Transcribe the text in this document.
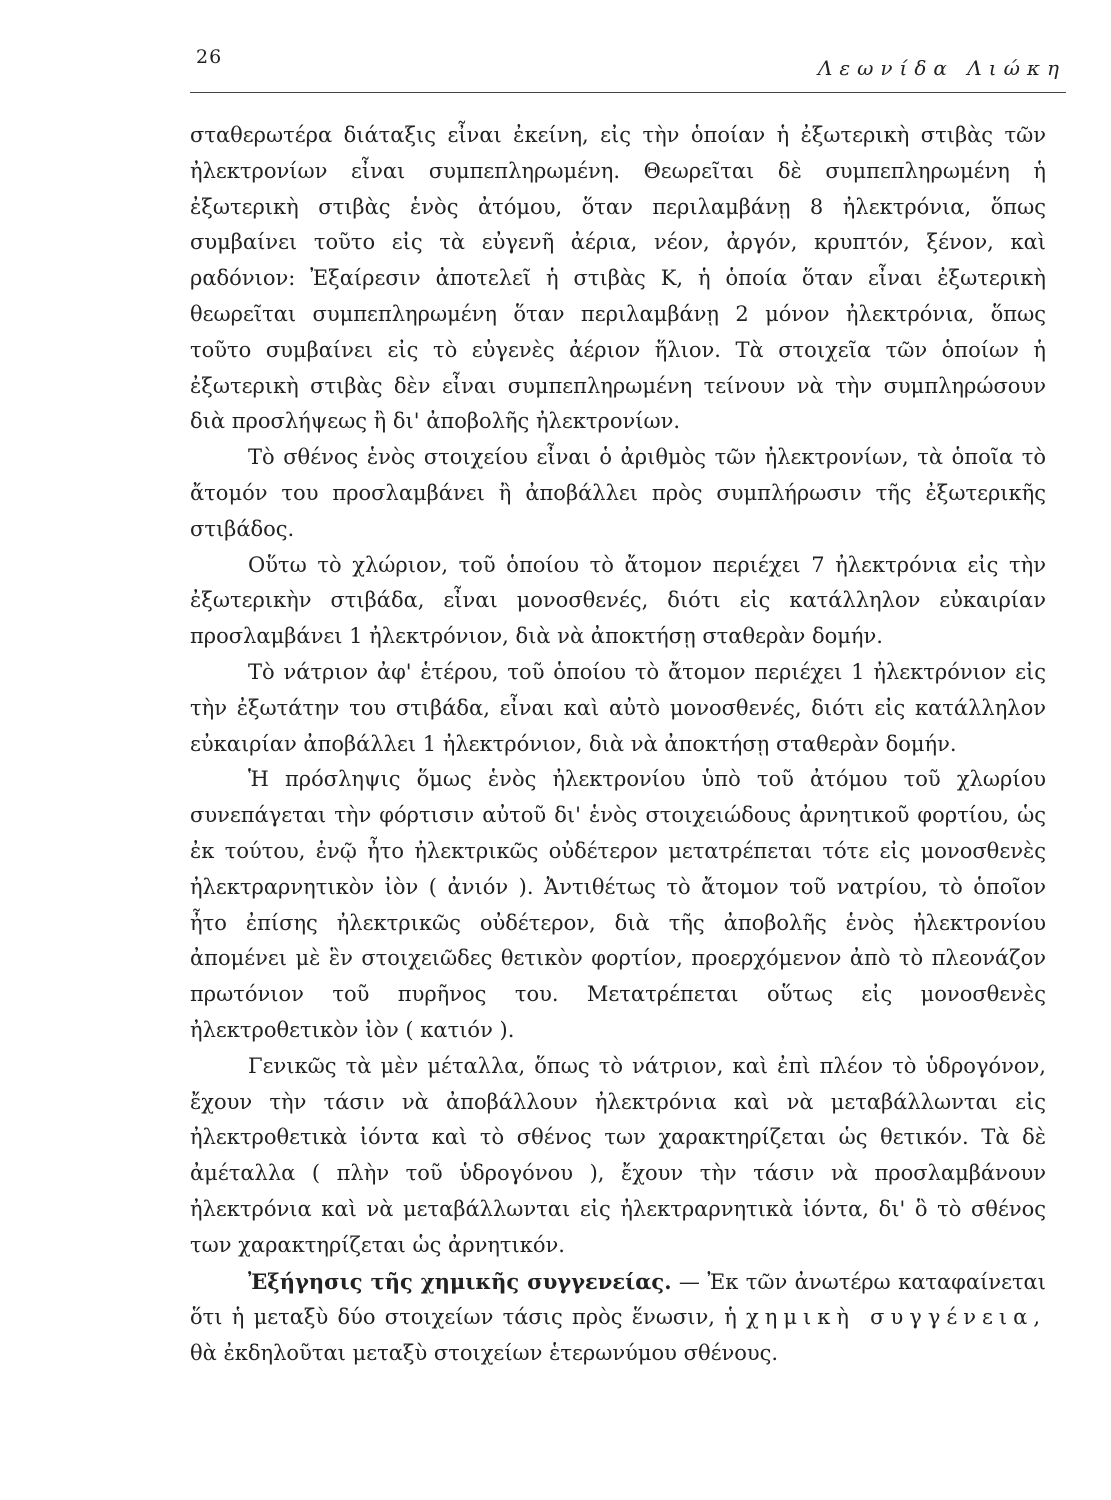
26	Λεωνίδα Λιώκη

σταθερωτέρα διάταξις εἶναι ἐκείνη, εἰς τὴν ὁποίαν ἡ ἐξωτερικὴ στιβὰς τῶν ἠλεκτρονίων εἶναι συμπεπληρωμένη. Θεωρεῖται δὲ συμπεπληρωμένη ἡ ἐξωτερικὴ στιβὰς ἑνὸς ἀτόμου, ὅταν περιλαμβάνῃ 8 ἠλεκτρόνια, ὅπως συμβαίνει τοῦτο εἰς τὰ εὐγενῆ ἀέρια, νέον, ἀργόν, κρυπτόν, ξένον, καὶ ραδόνιον: Ἐξαίρεσιν ἀποτελεῖ ἡ στιβὰς Κ, ἡ ὁποία ὅταν εἶναι ἐξωτερικὴ θεωρεῖται συμπεπληρωμένη ὅταν περιλαμβάνῃ 2 μόνον ἠλεκτρόνια, ὅπως τοῦτο συμβαίνει εἰς τὸ εὐγενὲς ἀέριον ἥλιον. Τὰ στοιχεῖα τῶν ὁποίων ἡ ἐξωτερικὴ στιβὰς δὲν εἶναι συμπεπληρωμένη τείνουν νὰ τὴν συμπληρώσουν διὰ προσλήψεως ἢ δι' ἀποβολῆς ἠλεκτρονίων.

Τὸ σθένος ἑνὸς στοιχείου εἶναι ὁ ἀριθμὸς τῶν ἠλεκτρονίων, τὰ ὁποῖα τὸ ἄτομόν του προσλαμβάνει ἢ ἀποβάλλει πρὸς συμπλήρωσιν τῆς ἐξωτερικῆς στιβάδος.

Οὕτω τὸ χλώριον, τοῦ ὁποίου τὸ ἄτομον περιέχει 7 ἠλεκτρόνια εἰς τὴν ἐξωτερικὴν στιβάδα, εἶναι μονοσθενές, διότι εἰς κατάλληλον εὐκαιρίαν προσλαμβάνει 1 ἠλεκτρόνιον, διὰ νὰ ἀποκτήσῃ σταθερὰν δομήν.

Τὸ νάτριον ἀφ' ἑτέρου, τοῦ ὁποίου τὸ ἄτομον περιέχει 1 ἠλεκτρόνιον εἰς τὴν ἐξωτάτην του στιβάδα, εἶναι καὶ αὐτὸ μονοσθενές, διότι εἰς κατάλληλον εὐκαιρίαν ἀποβάλλει 1 ἠλεκτρόνιον, διὰ νὰ ἀποκτήσῃ σταθερὰν δομήν.

Ἡ πρόσληψις ὅμως ἑνὸς ἠλεκτρονίου ὑπὸ τοῦ ἀτόμου τοῦ χλωρίου συνεπάγεται τὴν φόρτισιν αὐτοῦ δι' ἑνὸς στοιχειώδους ἀρνητικοῦ φορτίου, ὡς ἐκ τούτου, ἐνῷ ἦτο ἠλεκτρικῶς οὐδέτερον μετατρέπεται τότε εἰς μονοσθενὲς ἠλεκτραρνητικὸν ἰὸν ( ἀνιόν ). Ἀντιθέτως τὸ ἄτομον τοῦ νατρίου, τὸ ὁποῖον ἦτο ἐπίσης ἠλεκτρικῶς οὐδέτερον, διὰ τῆς ἀποβολῆς ἑνὸς ἠλεκτρονίου ἀπομένει μὲ ἓν στοιχειῶδες θετικὸν φορτίον, προερχόμενον ἀπὸ τὸ πλεονάζον πρωτόνιον τοῦ πυρῆνος του. Μετατρέπεται οὕτως εἰς μονοσθενὲς ἠλεκτροθετικὸν ἰὸν ( κατιόν ).

Γενικῶς τὰ μὲν μέταλλα, ὅπως τὸ νάτριον, καὶ ἐπὶ πλέον τὸ ὑδρογόνον, ἔχουν τὴν τάσιν νὰ ἀποβάλλουν ἠλεκτρόνια καὶ νὰ μεταβάλλωνται εἰς ἠλεκτροθετικὰ ἰόντα καὶ τὸ σθένος των χαρακτηρίζεται ὡς θετικόν. Τὰ δὲ ἀμέταλλα ( πλὴν τοῦ ὑδρογόνου ), ἔχουν τὴν τάσιν νὰ προσλαμβάνουν ἠλεκτρόνια καὶ νὰ μεταβάλλωνται εἰς ἠλεκτραρνητικὰ ἰόντα, δι' ὃ τὸ σθένος των χαρακτηρίζεται ὡς ἀρνητικόν.

Ἐξήγησις τῆς χημικῆς συγγενείας. — Ἐκ τῶν ἀνωτέρω καταφαίνεται ὅτι ἡ μεταξὺ δύο στοιχείων τάσις πρὸς ἕνωσιν, ἡ χημικὴ συγγένεια, θὰ ἐκδηλοῦται μεταξὺ στοιχείων ἑτερωνύμου σθένους.
